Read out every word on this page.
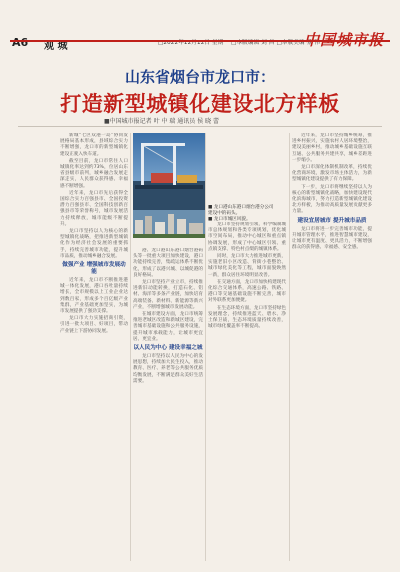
A6 观 城	□2022年12月12日 星期一 □本版编辑 刘 昌 □本版美编 景 伟
中国城市报
山东省烟台市龙口市：
打造新型城镇化建设北方样板
■中国城市报记者 叶 中 瑞 通讯员 侯 晓 蕾

新城“七区双港一岛”协同发展格局基本形成，县域综合实力不断增强，龙口市的新型城镇化建设正驶入快车道。

截至目前，龙口市常住人口城镇化率达到约73%，位居山东省县级市前列，城乡融合发展走深走实，人民群众获得感、幸福感不断增强。

近年来，龙口市先后获得全国综合实力百强县市、全国投资潜力百强县市、全国科技创新百强县市等荣誉称号，城市发展活力持续释放，城市能级不断提升。

龙口市坚持以人为核心的新型城镇化战略，把推进新型城镇化作为经济社会发展的重要抓手，持续完善城市功能，提升城市品质，推动城乡融合发展。

做强产业 增强城市发展动能

近年来，龙口市不断推进港城一体化发展，港口吞吐量持续增长，全市规模以上工业企业达到数百家，形成多个百亿级产业集群，产业基础更加坚实，为城市发展提供了强劲支撑。

龙口市大力实施招商引资，引进一批大项目、好项目，带动产业链上下游协同发展。

■ 龙口港山东港口烟台港分公司建设中的码头。
■ 龙口市城区风貌。

港、龙口港山东港口烟台港码头等一批重大项目加快建设，港口功能持续完善，集疏运体系不断优化，形成了以港兴城、以城促港的良好格局。

龙口市坚持产业立市，持续推进新旧动能转换，打造石化、铝材、海洋等多条产业链，加快培育高端装备、新材料、新能源等新兴产业，不断增强城市发展动能。

在城市建设方面，龙口市统筹推进老城区改造和新城区建设，完善城市基础设施和公共服务设施，提升城市承载能力，让城市更宜居、更宜业。

以人民为中心 建设幸福之城

龙口市坚持以人民为中心的发展思想，持续加大民生投入，推动教育、医疗、养老等公共服务优质均衡发展，不断满足群众美好生活需要。

龙口市坚持规划引领，科学编制城市总体规划和各类专项规划，优化城市空间布局，推动中心城区和重点镇协调发展，形成了中心城区引领、重点镇支撑、特色村点缀的城镇体系。

同时，龙口市大力推进城市更新，实施老旧小区改造、背街小巷整治、城市绿化美化等工程，城市面貌焕然一新，群众居住环境明显改善。

在交通方面，龙口市加快构建现代化综合交通体系，高速公路、铁路、港口等交通基础设施不断完善，城市对外联系更加便捷。

在生态环境方面，龙口市坚持绿色发展理念，持续推进蓝天、碧水、净土保卫战，生态环境质量持续改善，城市绿化覆盖率不断提高。

近年来，龙口市坚持城乡统筹，推进乡村振兴，实施农村人居环境整治，建设美丽乡村，推动城乡基础设施互联互通、公共服务共建共享，城乡差距进一步缩小。

龙口市深化体制机制改革，持续优化营商环境，激发市场主体活力，为新型城镇化建设提供了有力保障。

下一步，龙口市将继续坚持以人为核心的新型城镇化战略，加快建设现代化滨海城市，努力打造新型城镇化建设北方样板，为推动高质量发展贡献更多力量。

建设宜居城市 提升城市品质

龙口市将进一步完善城市功能，提升城市管理水平，推进智慧城市建设，让城市更有温度、更具活力，不断增强群众的获得感、幸福感、安全感。
